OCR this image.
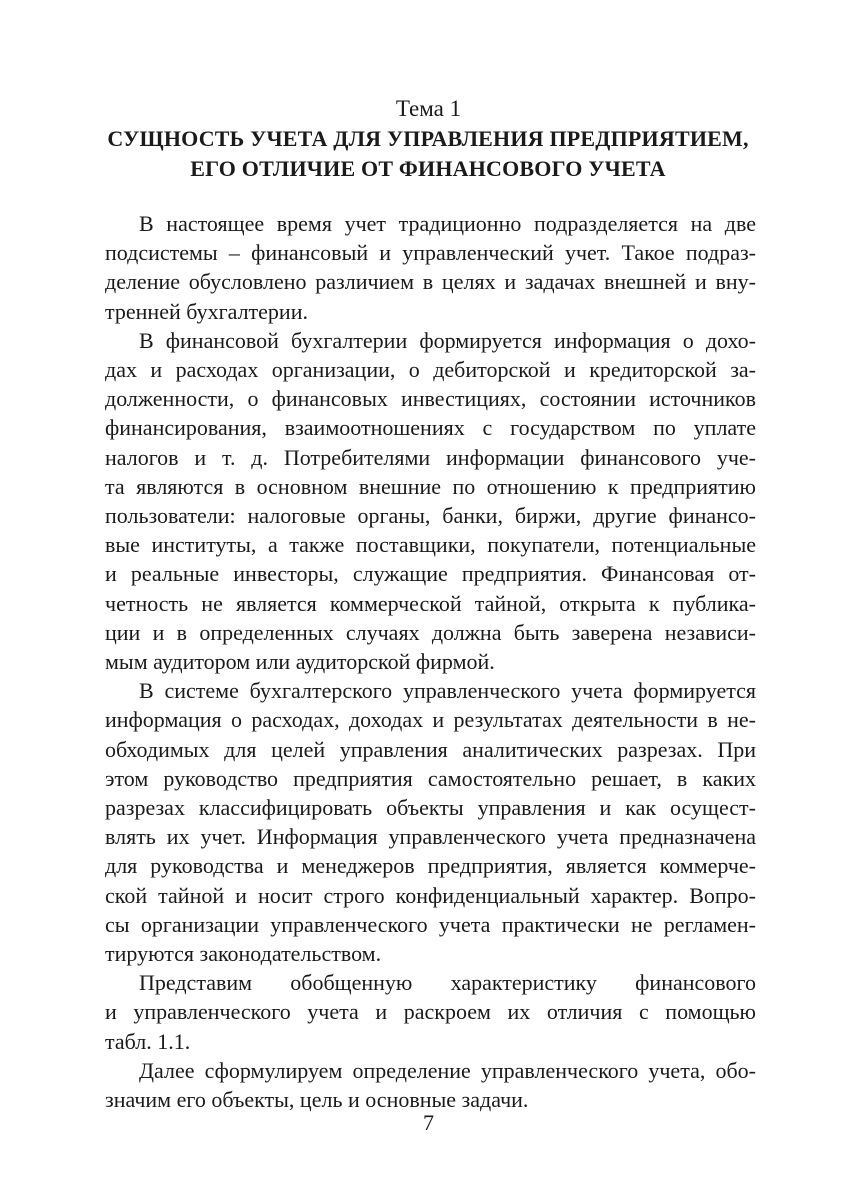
Тема 1
СУЩНОСТЬ УЧЕТА ДЛЯ УПРАВЛЕНИЯ ПРЕДПРИЯТИЕМ,
ЕГО ОТЛИЧИЕ ОТ ФИНАНСОВОГО УЧЕТА

В настоящее время учет традиционно подразделяется на две
подсистемы – финансовый и управленческий учет. Такое подраз-
деление обусловлено различием в целях и задачах внешней и вну-
тренней бухгалтерии.

В финансовой бухгалтерии формируется информация о дохо-
дах и расходах организации, о дебиторской и кредиторской за-
долженности, о финансовых инвестициях, состоянии источников
финансирования, взаимоотношениях с государством по уплате
налогов и т. д. Потребителями информации финансового уче-
та являются в основном внешние по отношению к предприятию
пользователи: налоговые органы, банки, биржи, другие финансо-
вые институты, а также поставщики, покупатели, потенциальные
и реальные инвесторы, служащие предприятия. Финансовая от-
четность не является коммерческой тайной, открыта к публика-
ции и в определенных случаях должна быть заверена независи-
мым аудитором или аудиторской фирмой.

В системе бухгалтерского управленческого учета формируется
информация о расходах, доходах и результатах деятельности в не-
обходимых для целей управления аналитических разрезах. При
этом руководство предприятия самостоятельно решает, в каких
разрезах классифицировать объекты управления и как осущест-
влять их учет. Информация управленческого учета предназначена
для руководства и менеджеров предприятия, является коммерче-
ской тайной и носит строго конфиденциальный характер. Вопро-
сы организации управленческого учета практически не регламен-
тируются законодательством.

Представим обобщенную характеристику финансового
и управленческого учета и раскроем их отличия с помощью
табл. 1.1.

Далее сформулируем определение управленческого учета, обо-
значим его объекты, цель и основные задачи.

7
